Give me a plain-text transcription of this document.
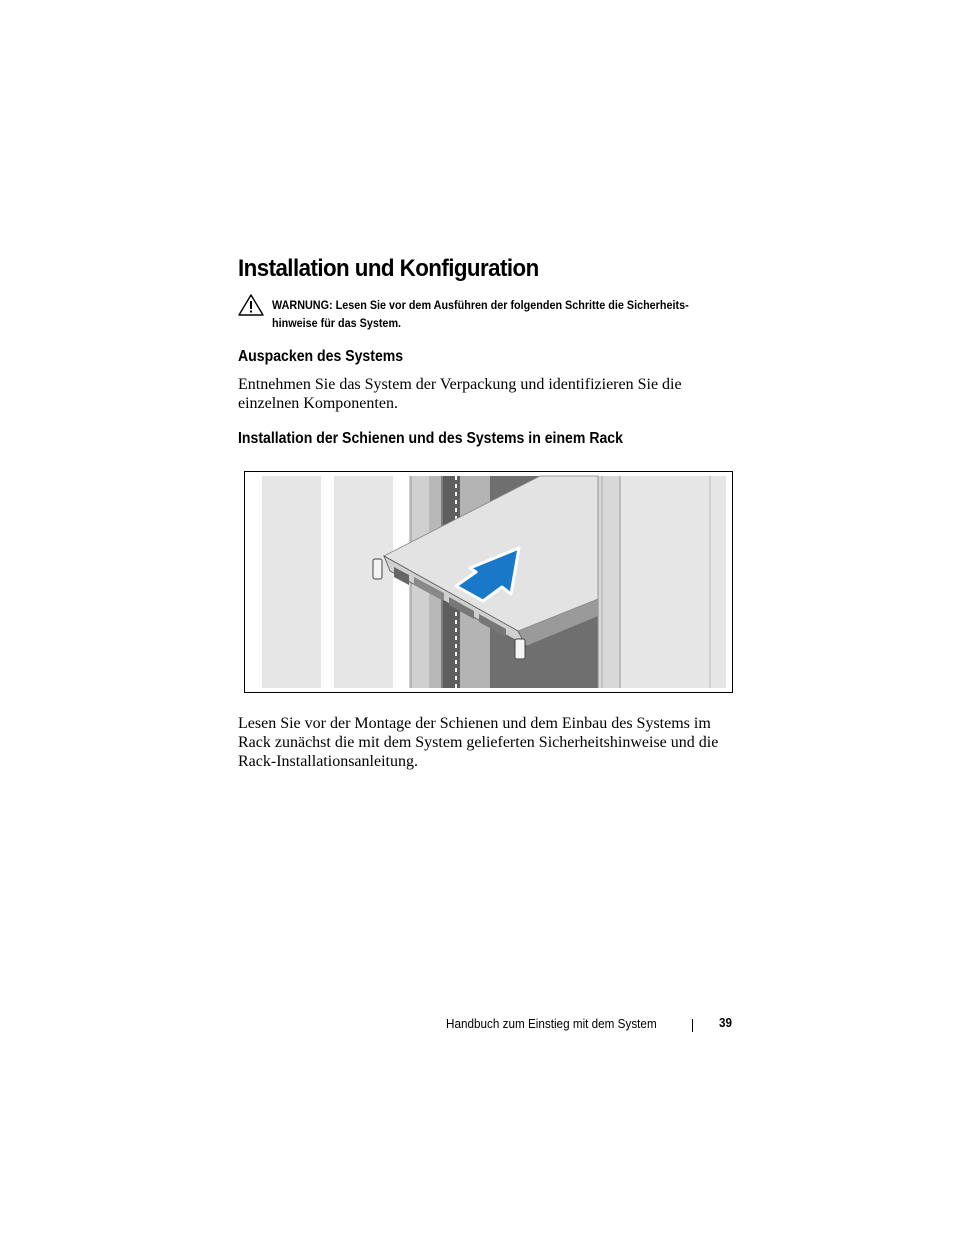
Installation und Konfiguration
WARNUNG: Lesen Sie vor dem Ausführen der folgenden Schritte die Sicherheitshinweise für das System.
Auspacken des Systems
Entnehmen Sie das System der Verpackung und identifizieren Sie die einzelnen Komponenten.
Installation der Schienen und des Systems in einem Rack
Lesen Sie vor der Montage der Schienen und dem Einbau des Systems im Rack zunächst die mit dem System gelieferten Sicherheitshinweise und die Rack-Installationsanleitung.
Handbuch zum Einstieg mit dem System	39
